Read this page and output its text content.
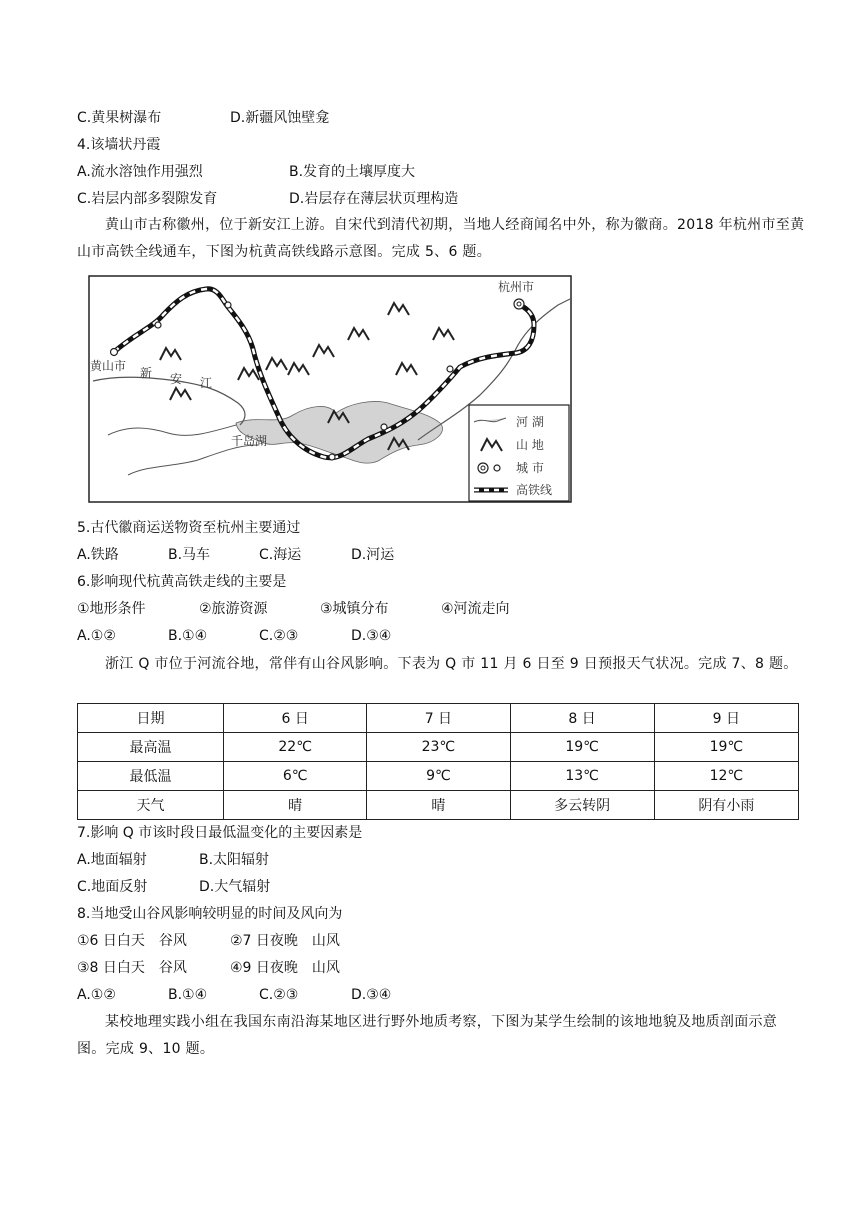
C.黄果树瀑布	D.新疆风蚀壁龛
4.该墙状丹霞
A.流水溶蚀作用强烈	B.发育的土壤厚度大
C.岩层内部多裂隙发育	D.岩层存在薄层状页理构造
黄山市古称徽州，位于新安江上游。自宋代到清代初期，当地人经商闻名中外，称为徽商。2018 年杭州市至黄山市高铁全线通车，下图为杭黄高铁线路示意图。完成 5、6 题。
黄山市 新 安 江
千岛湖
杭州市
河 湖
山 地
城 市
高铁线
5.古代徽商运送物资至杭州主要通过
A.铁路	B.马车	C.海运	D.河运
6.影响现代杭黄高铁走线的主要是
①地形条件	②旅游资源	③城镇分布	④河流走向
A.①②	B.①④	C.②③	D.③④
浙江 Q 市位于河流谷地，常伴有山谷风影响。下表为 Q 市 11 月 6 日至 9 日预报天气状况。完成 7、8 题。
日期	6 日	7 日	8 日	9 日
最高温	22℃	23℃	19℃	19℃
最低温	6℃	9℃	13℃	12℃
天气	晴	晴	多云转阴	阴有小雨
7.影响 Q 市该时段日最低温变化的主要因素是
A.地面辐射	B.太阳辐射
C.地面反射	D.大气辐射
8.当地受山谷风影响较明显的时间及风向为
①6 日白天　谷风	②7 日夜晚　山风
③8 日白天　谷风	④9 日夜晚　山风
A.①②	B.①④	C.②③	D.③④
某校地理实践小组在我国东南沿海某地区进行野外地质考察，下图为某学生绘制的该地地貌及地质剖面示意图。完成 9、10 题。
